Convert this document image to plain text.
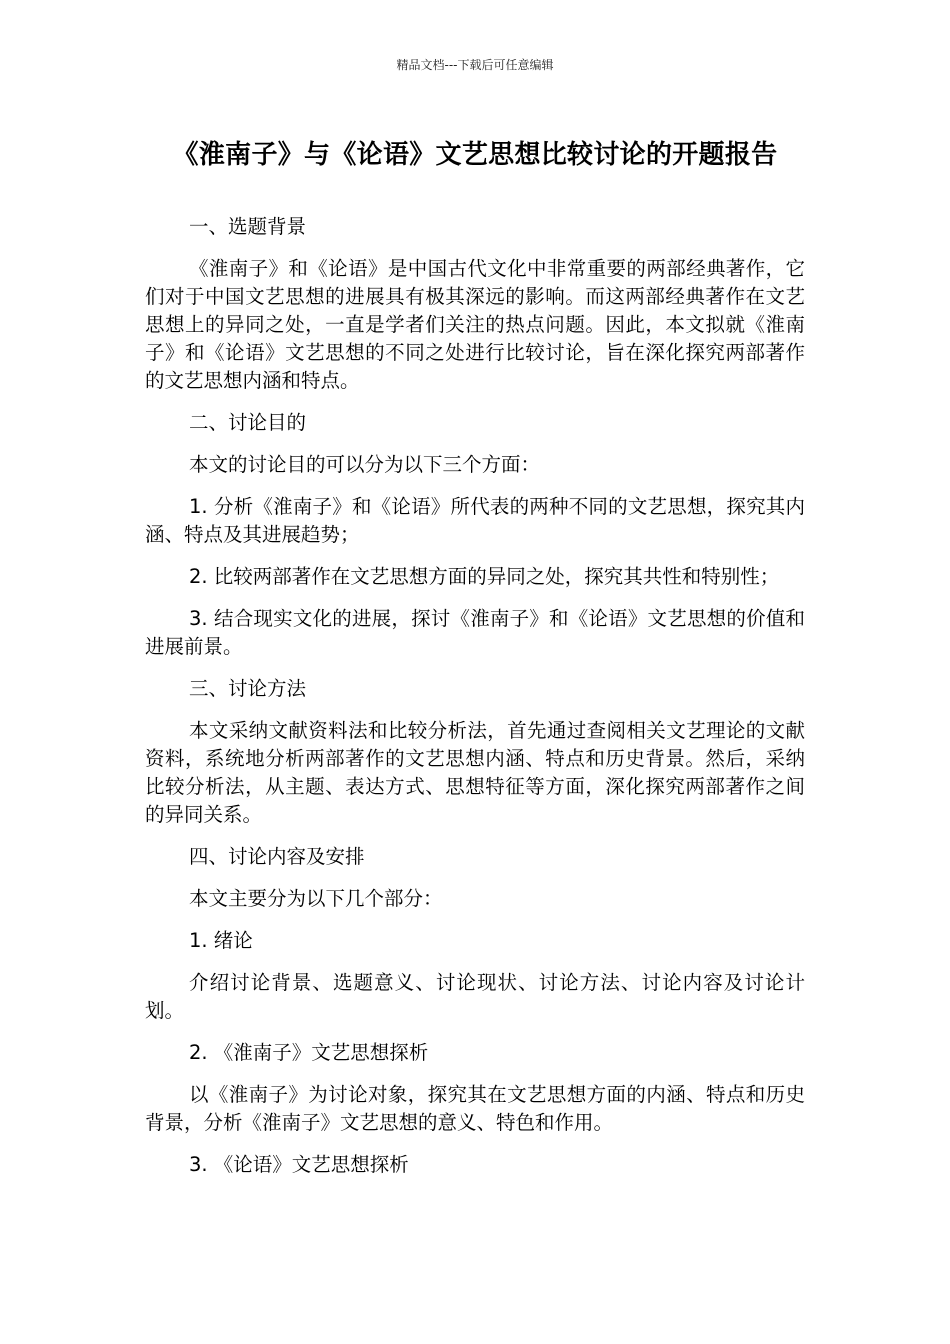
精品文档---下载后可任意编辑
《淮南子》与《论语》文艺思想比较讨论的开题报告

一、选题背景

《淮南子》和《论语》是中国古代文化中非常重要的两部经典著作，它们对于中国文艺思想的进展具有极其深远的影响。而这两部经典著作在文艺思想上的异同之处，一直是学者们关注的热点问题。因此，本文拟就《淮南子》和《论语》文艺思想的不同之处进行比较讨论，旨在深化探究两部著作的文艺思想内涵和特点。

二、讨论目的

本文的讨论目的可以分为以下三个方面：

1. 分析《淮南子》和《论语》所代表的两种不同的文艺思想，探究其内涵、特点及其进展趋势；

2. 比较两部著作在文艺思想方面的异同之处，探究其共性和特别性；

3. 结合现实文化的进展，探讨《淮南子》和《论语》文艺思想的价值和进展前景。

三、讨论方法

本文采纳文献资料法和比较分析法，首先通过查阅相关文艺理论的文献资料，系统地分析两部著作的文艺思想内涵、特点和历史背景。然后，采纳比较分析法，从主题、表达方式、思想特征等方面，深化探究两部著作之间的异同关系。

四、讨论内容及安排

本文主要分为以下几个部分：

1. 绪论

介绍讨论背景、选题意义、讨论现状、讨论方法、讨论内容及讨论计划。

2. 《淮南子》文艺思想探析

以《淮南子》为讨论对象，探究其在文艺思想方面的内涵、特点和历史背景，分析《淮南子》文艺思想的意义、特色和作用。

3. 《论语》文艺思想探析
